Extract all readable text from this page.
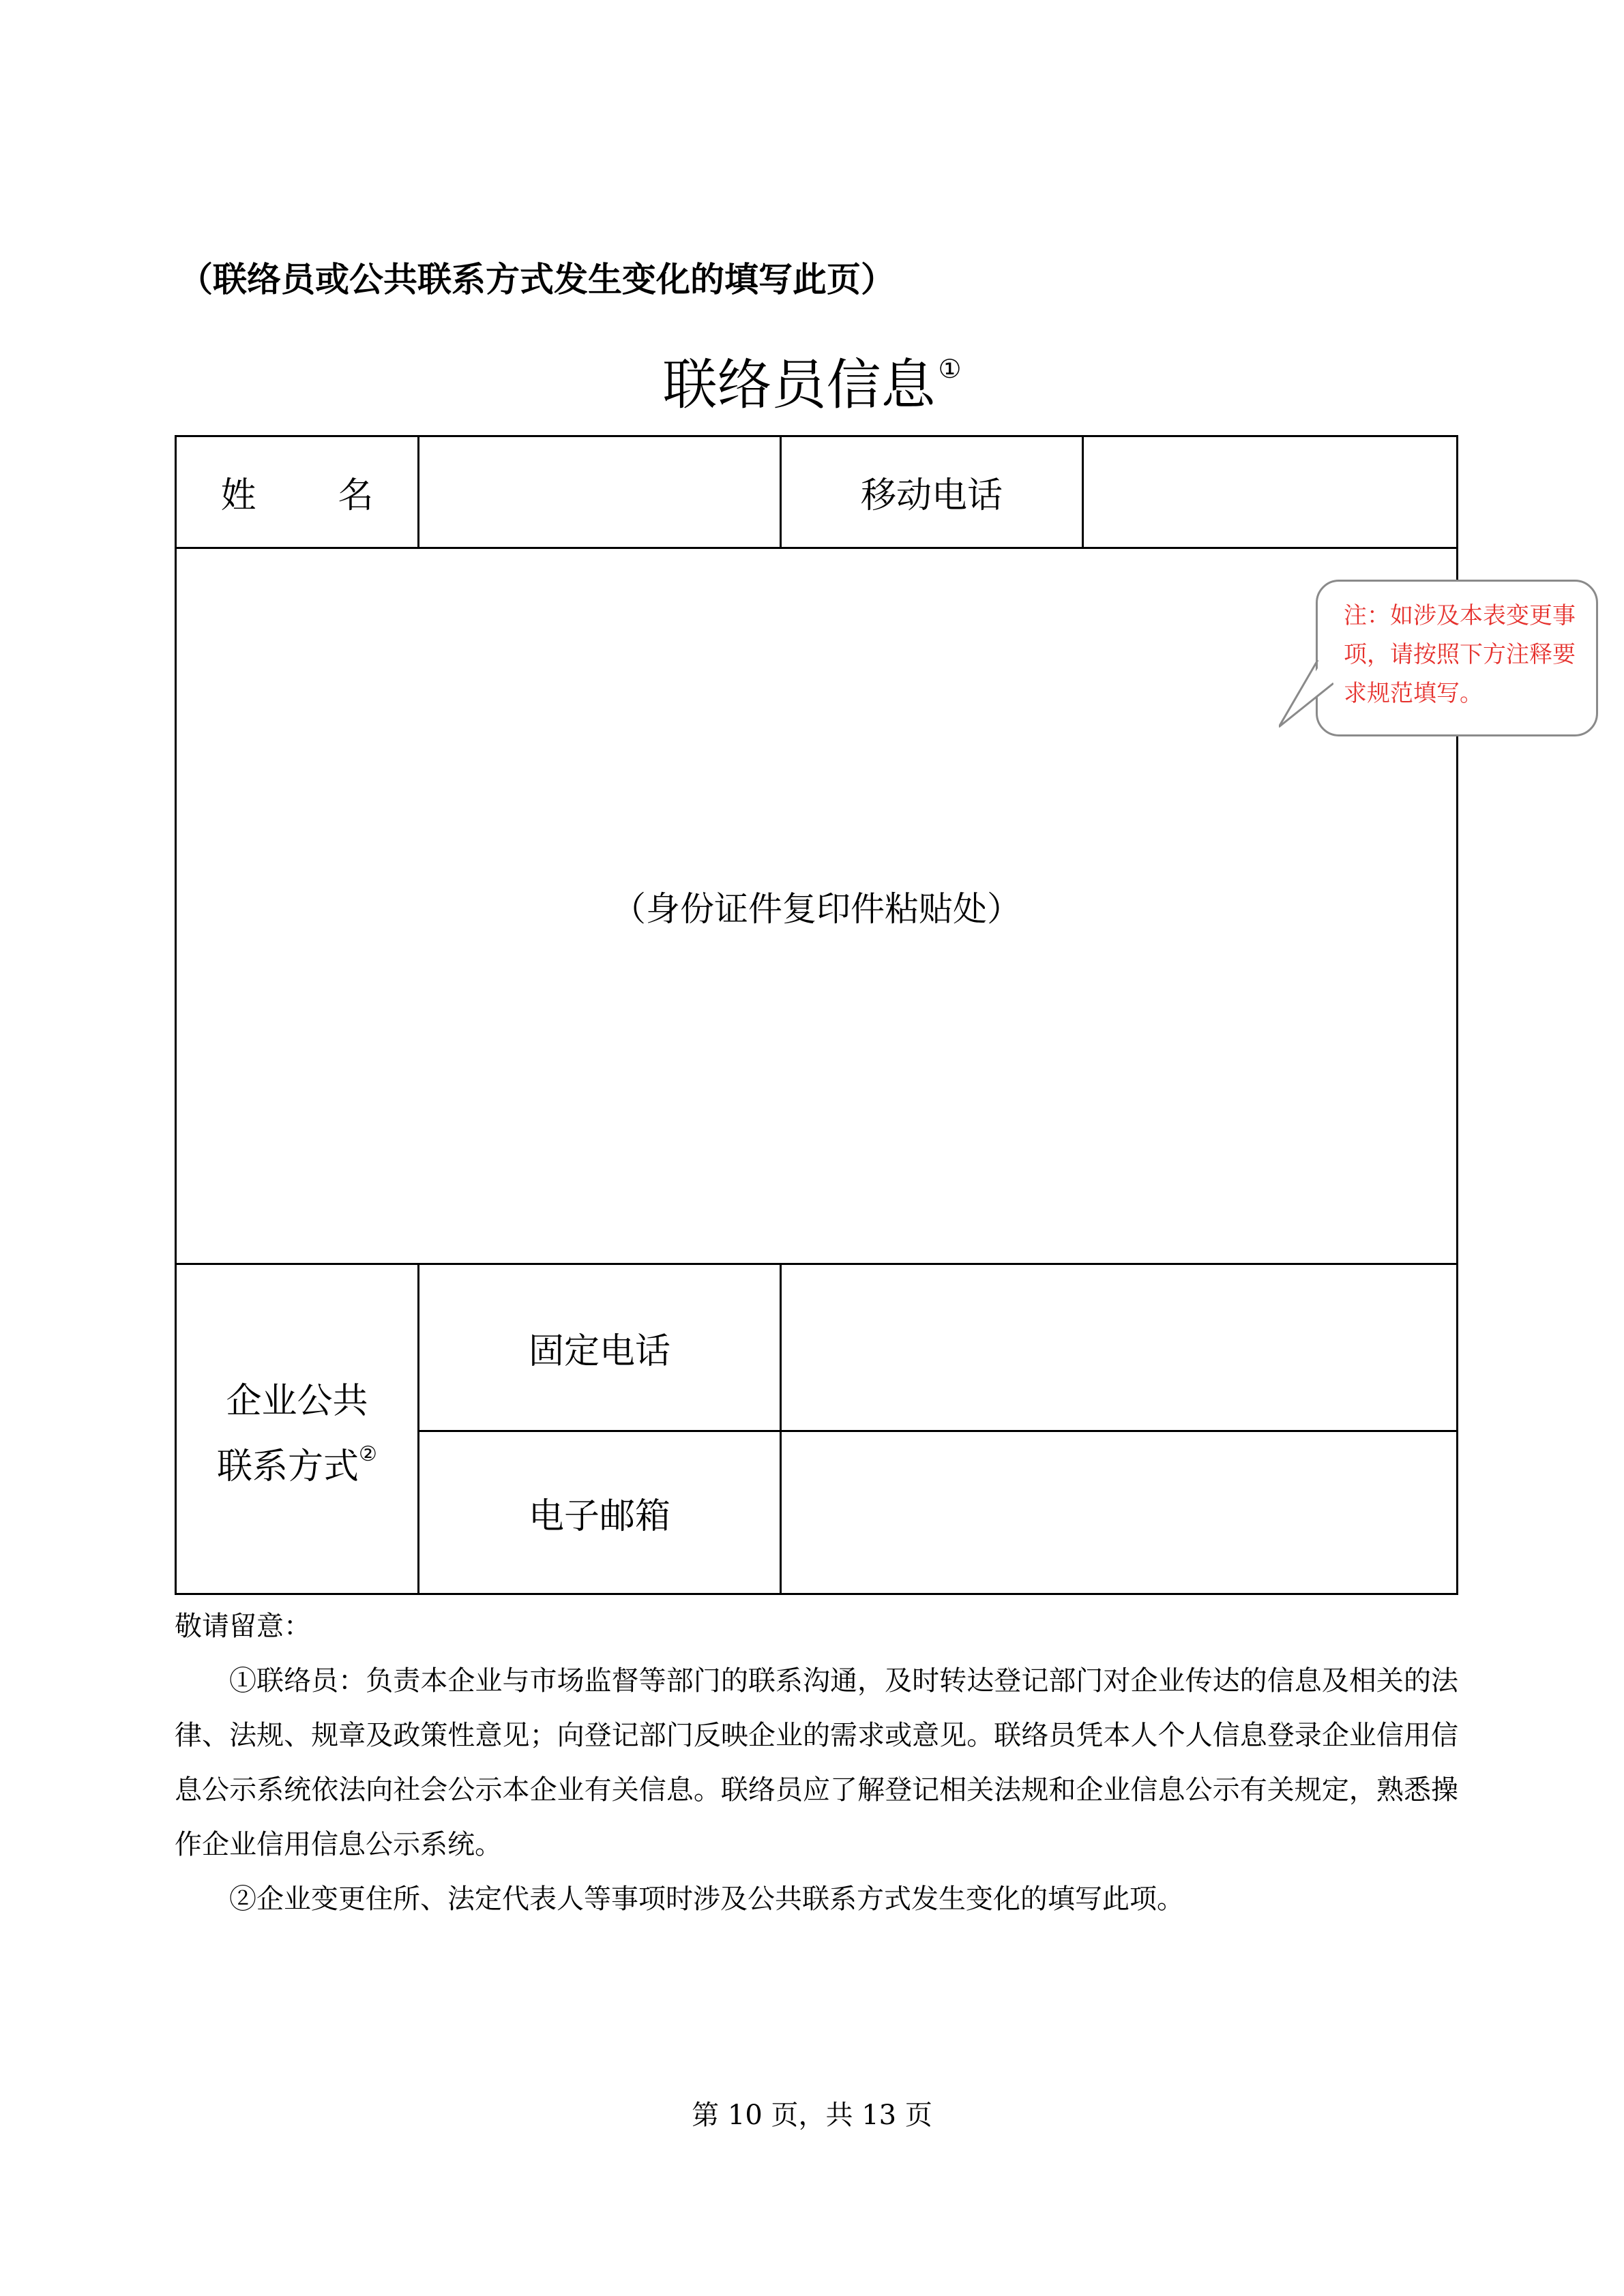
（联络员或公共联系方式发生变化的填写此页）
联络员信息 ①
姓 名	移动电话
（身份证件复印件粘贴处）
企业公共
联系方式②
固定电话
电子邮箱
注：如涉及本表变更事项，请按照下方注释要求规范填写。
敬请留意：

①联络员：负责本企业与市场监督等部门的联系沟通，及时转达登记部门对企业传达的信息及相关的法律、法规、规章及政策性意见；向登记部门反映企业的需求或意见。联络员凭本人个人信息登录企业信用信息公示系统依法向社会公示本企业有关信息。联络员应了解登记相关法规和企业信息公示有关规定，熟悉操作企业信用信息公示系统。

②企业变更住所、法定代表人等事项时涉及公共联系方式发生变化的填写此项。

第 10 页，共 13 页
